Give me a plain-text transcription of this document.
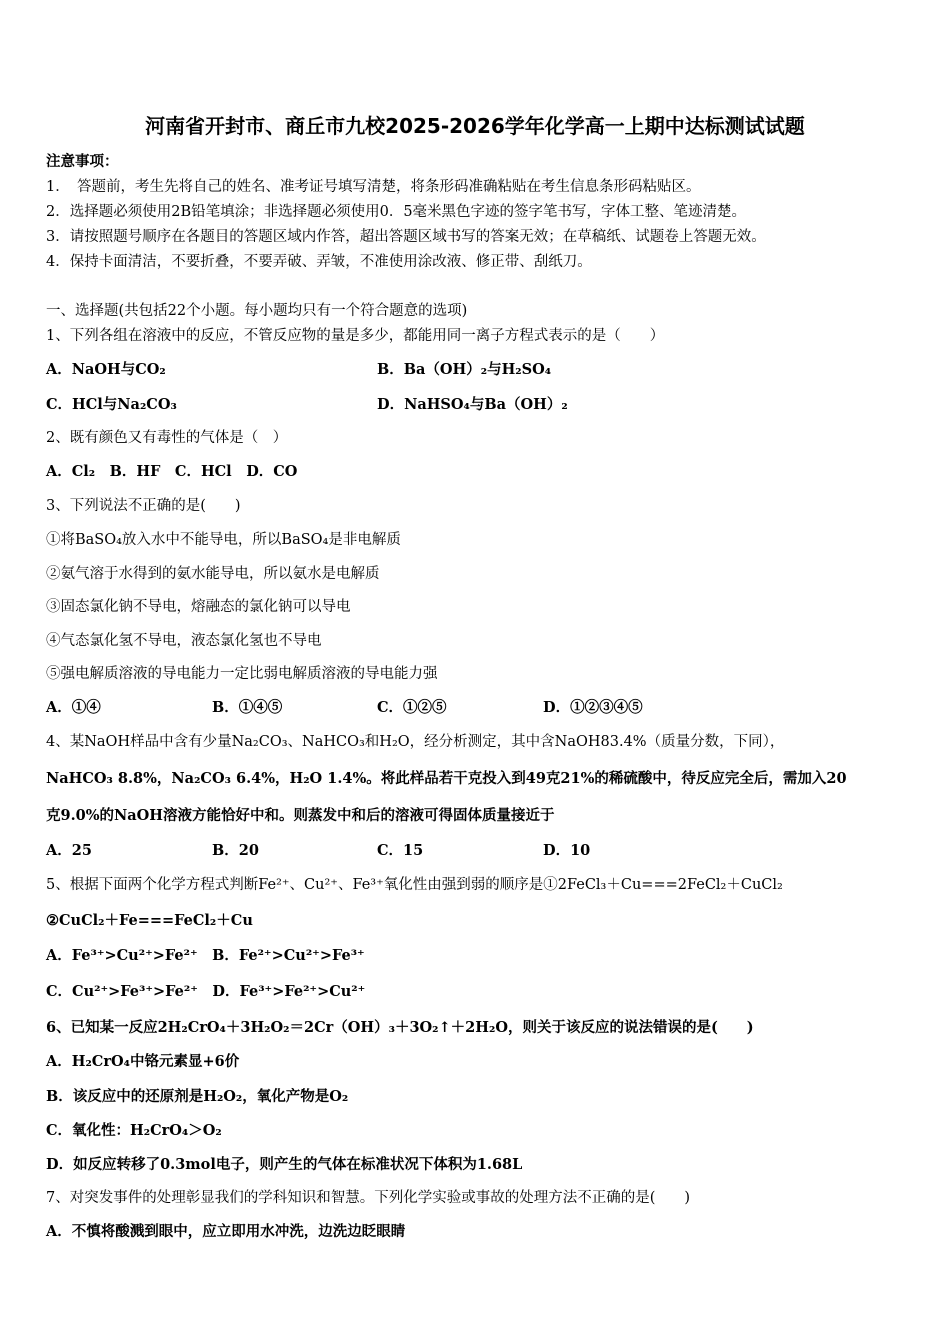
河南省开封市、商丘市九校2025-2026学年化学高一上期中达标测试试题
注意事项：
1．　答题前，考生先将自己的姓名、准考证号填写清楚，将条形码准确粘贴在考生信息条形码粘贴区。
2．选择题必须使用2B铅笔填涂；非选择题必须使用0．5毫米黑色字迹的签字笔书写，字体工整、笔迹清楚。
3．请按照题号顺序在各题目的答题区域内作答，超出答题区域书写的答案无效；在草稿纸、试题卷上答题无效。
4．保持卡面清洁，不要折叠，不要弄破、弄皱，不准使用涂改液、修正带、刮纸刀。
一、选择题(共包括22个小题。每小题均只有一个符合题意的选项)
1、下列各组在溶液中的反应，不管反应物的量是多少，都能用同一离子方程式表示的是（　　）
A．NaOH与CO₂	B．Ba（OH）₂与H₂SO₄
C．HCl与Na₂CO₃	D．NaHSO₄与Ba（OH）₂
2、既有颜色又有毒性的气体是（　）
A．Cl₂　B．HF　C．HCl　D．CO
3、下列说法不正确的是(　　)
①将BaSO₄放入水中不能导电，所以BaSO₄是非电解质
②氨气溶于水得到的氨水能导电，所以氨水是电解质
③固态氯化钠不导电，熔融态的氯化钠可以导电
④气态氯化氢不导电，液态氯化氢也不导电
⑤强电解质溶液的导电能力一定比弱电解质溶液的导电能力强
A．①④	B．①④⑤	C．①②⑤	D．①②③④⑤
4、某NaOH样品中含有少量Na₂CO₃、NaHCO₃和H₂O，经分析测定，其中含NaOH83.4%（质量分数，下同），
NaHCO₃ 8.8%，Na₂CO₃ 6.4%，H₂O 1.4%。将此样品若干克投入到49克21%的稀硫酸中，待反应完全后，需加入20
克9.0%的NaOH溶液方能恰好中和。则蒸发中和后的溶液可得固体质量接近于
A．25	B．20	C．15	D．10
5、根据下面两个化学方程式判断Fe²⁺、Cu²⁺、Fe³⁺氧化性由强到弱的顺序是①2FeCl₃＋Cu===2FeCl₂＋CuCl₂
②CuCl₂＋Fe===FeCl₂＋Cu
A．Fe³⁺>Cu²⁺>Fe²⁺　B．Fe²⁺>Cu²⁺>Fe³⁺
C．Cu²⁺>Fe³⁺>Fe²⁺　D．Fe³⁺>Fe²⁺>Cu²⁺
6、已知某一反应2H₂CrO₄＋3H₂O₂＝2Cr（OH）₃＋3O₂↑＋2H₂O，则关于该反应的说法错误的是(　　)
A．H₂CrO₄中铬元素显+6价
B．该反应中的还原剂是H₂O₂，氧化产物是O₂
C．氧化性：H₂CrO₄＞O₂
D．如反应转移了0.3mol电子，则产生的气体在标准状况下体积为1.68L
7、对突发事件的处理彰显我们的学科知识和智慧。下列化学实验或事故的处理方法不正确的是(　　)
A．不慎将酸溅到眼中，应立即用水冲洗，边洗边眨眼睛
